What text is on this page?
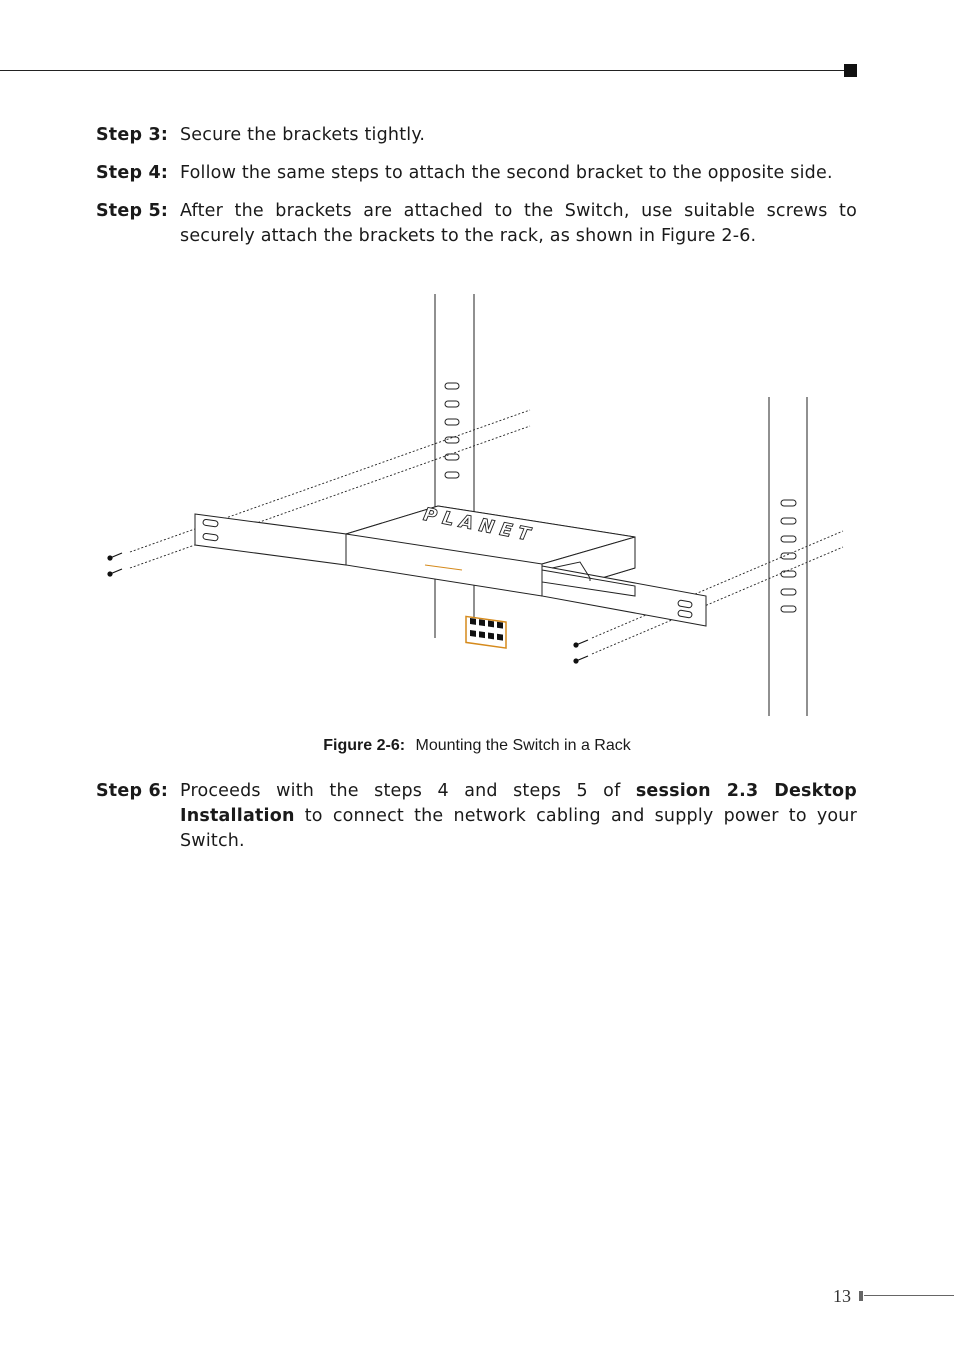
Step 3: Secure the brackets tightly.
Step 4: Follow the same steps to attach the second bracket to the opposite side.
Step 5: After the brackets are attached to the Switch, use suitable screws to securely attach the brackets to the rack, as shown in Figure 2-6.
PLANET
Figure 2-6: Mounting the Switch in a Rack
Step 6: Proceeds with the steps 4 and steps 5 of session 2.3 Desktop Installation to connect the network cabling and supply power to your Switch.
13
